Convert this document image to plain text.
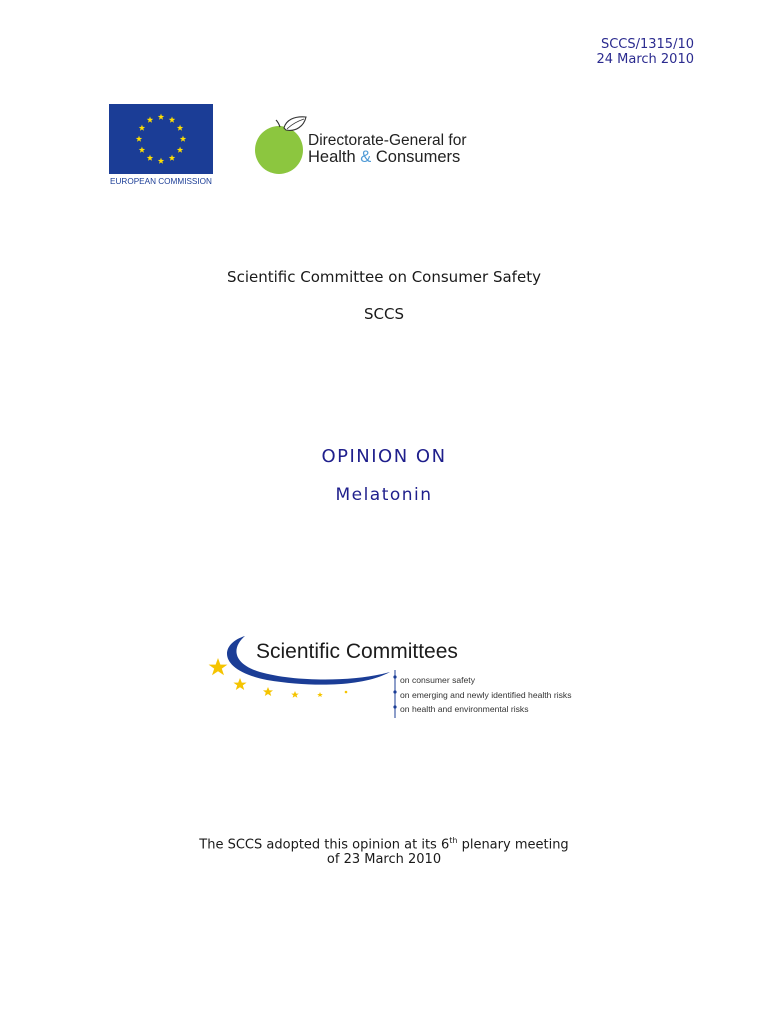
SCCS/1315/10
24 March 2010
EUROPEAN COMMISSION
Directorate-General for
Health & Consumers
Scientific Committee on Consumer Safety
SCCS
OPINION ON
Melatonin
Scientific Committees
on consumer safety
on emerging and newly identified health risks
on health and environmental risks
The SCCS adopted this opinion at its 6th plenary meeting
of 23 March 2010
